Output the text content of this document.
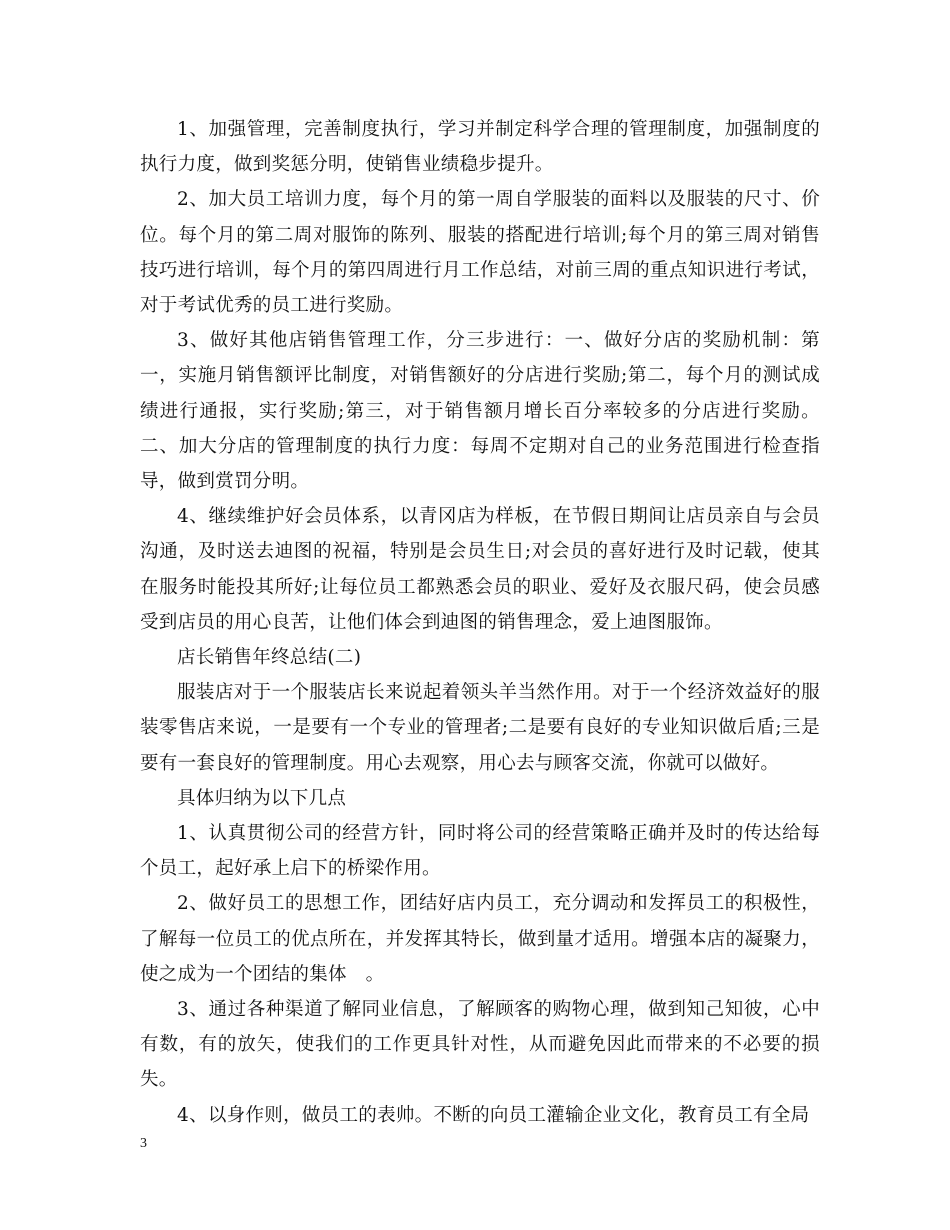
1、加强管理，完善制度执行，学习并制定科学合理的管理制度，加强制度的执行力度，做到奖惩分明，使销售业绩稳步提升。

2、加大员工培训力度，每个月的第一周自学服装的面料以及服装的尺寸、价位。每个月的第二周对服饰的陈列、服装的搭配进行培训;每个月的第三周对销售技巧进行培训，每个月的第四周进行月工作总结，对前三周的重点知识进行考试，对于考试优秀的员工进行奖励。

3、做好其他店销售管理工作，分三步进行：一、做好分店的奖励机制：第一，实施月销售额评比制度，对销售额好的分店进行奖励;第二，每个月的测试成绩进行通报，实行奖励;第三，对于销售额月增长百分率较多的分店进行奖励。二、加大分店的管理制度的执行力度：每周不定期对自己的业务范围进行检查指导，做到赏罚分明。

4、继续维护好会员体系，以青冈店为样板，在节假日期间让店员亲自与会员沟通，及时送去迪图的祝福，特别是会员生日;对会员的喜好进行及时记载，使其在服务时能投其所好;让每位员工都熟悉会员的职业、爱好及衣服尺码，使会员感受到店员的用心良苦，让他们体会到迪图的销售理念，爱上迪图服饰。

店长销售年终总结(二)

服装店对于一个服装店长来说起着领头羊当然作用。对于一个经济效益好的服装零售店来说，一是要有一个专业的管理者;二是要有良好的专业知识做后盾;三是要有一套良好的管理制度。用心去观察，用心去与顾客交流，你就可以做好。

具体归纳为以下几点

1、认真贯彻公司的经营方针，同时将公司的经营策略正确并及时的传达给每个员工，起好承上启下的桥梁作用。

2、做好员工的思想工作，团结好店内员工，充分调动和发挥员工的积极性，了解每一位员工的优点所在，并发挥其特长，做到量才适用。增强本店的凝聚力，使之成为一个团结的集体　。

3、通过各种渠道了解同业信息，了解顾客的购物心理，做到知己知彼，心中有数，有的放矢，使我们的工作更具针对性，从而避免因此而带来的不必要的损失。

4、以身作则，做员工的表帅。不断的向员工灌输企业文化，教育员工有全局

3
